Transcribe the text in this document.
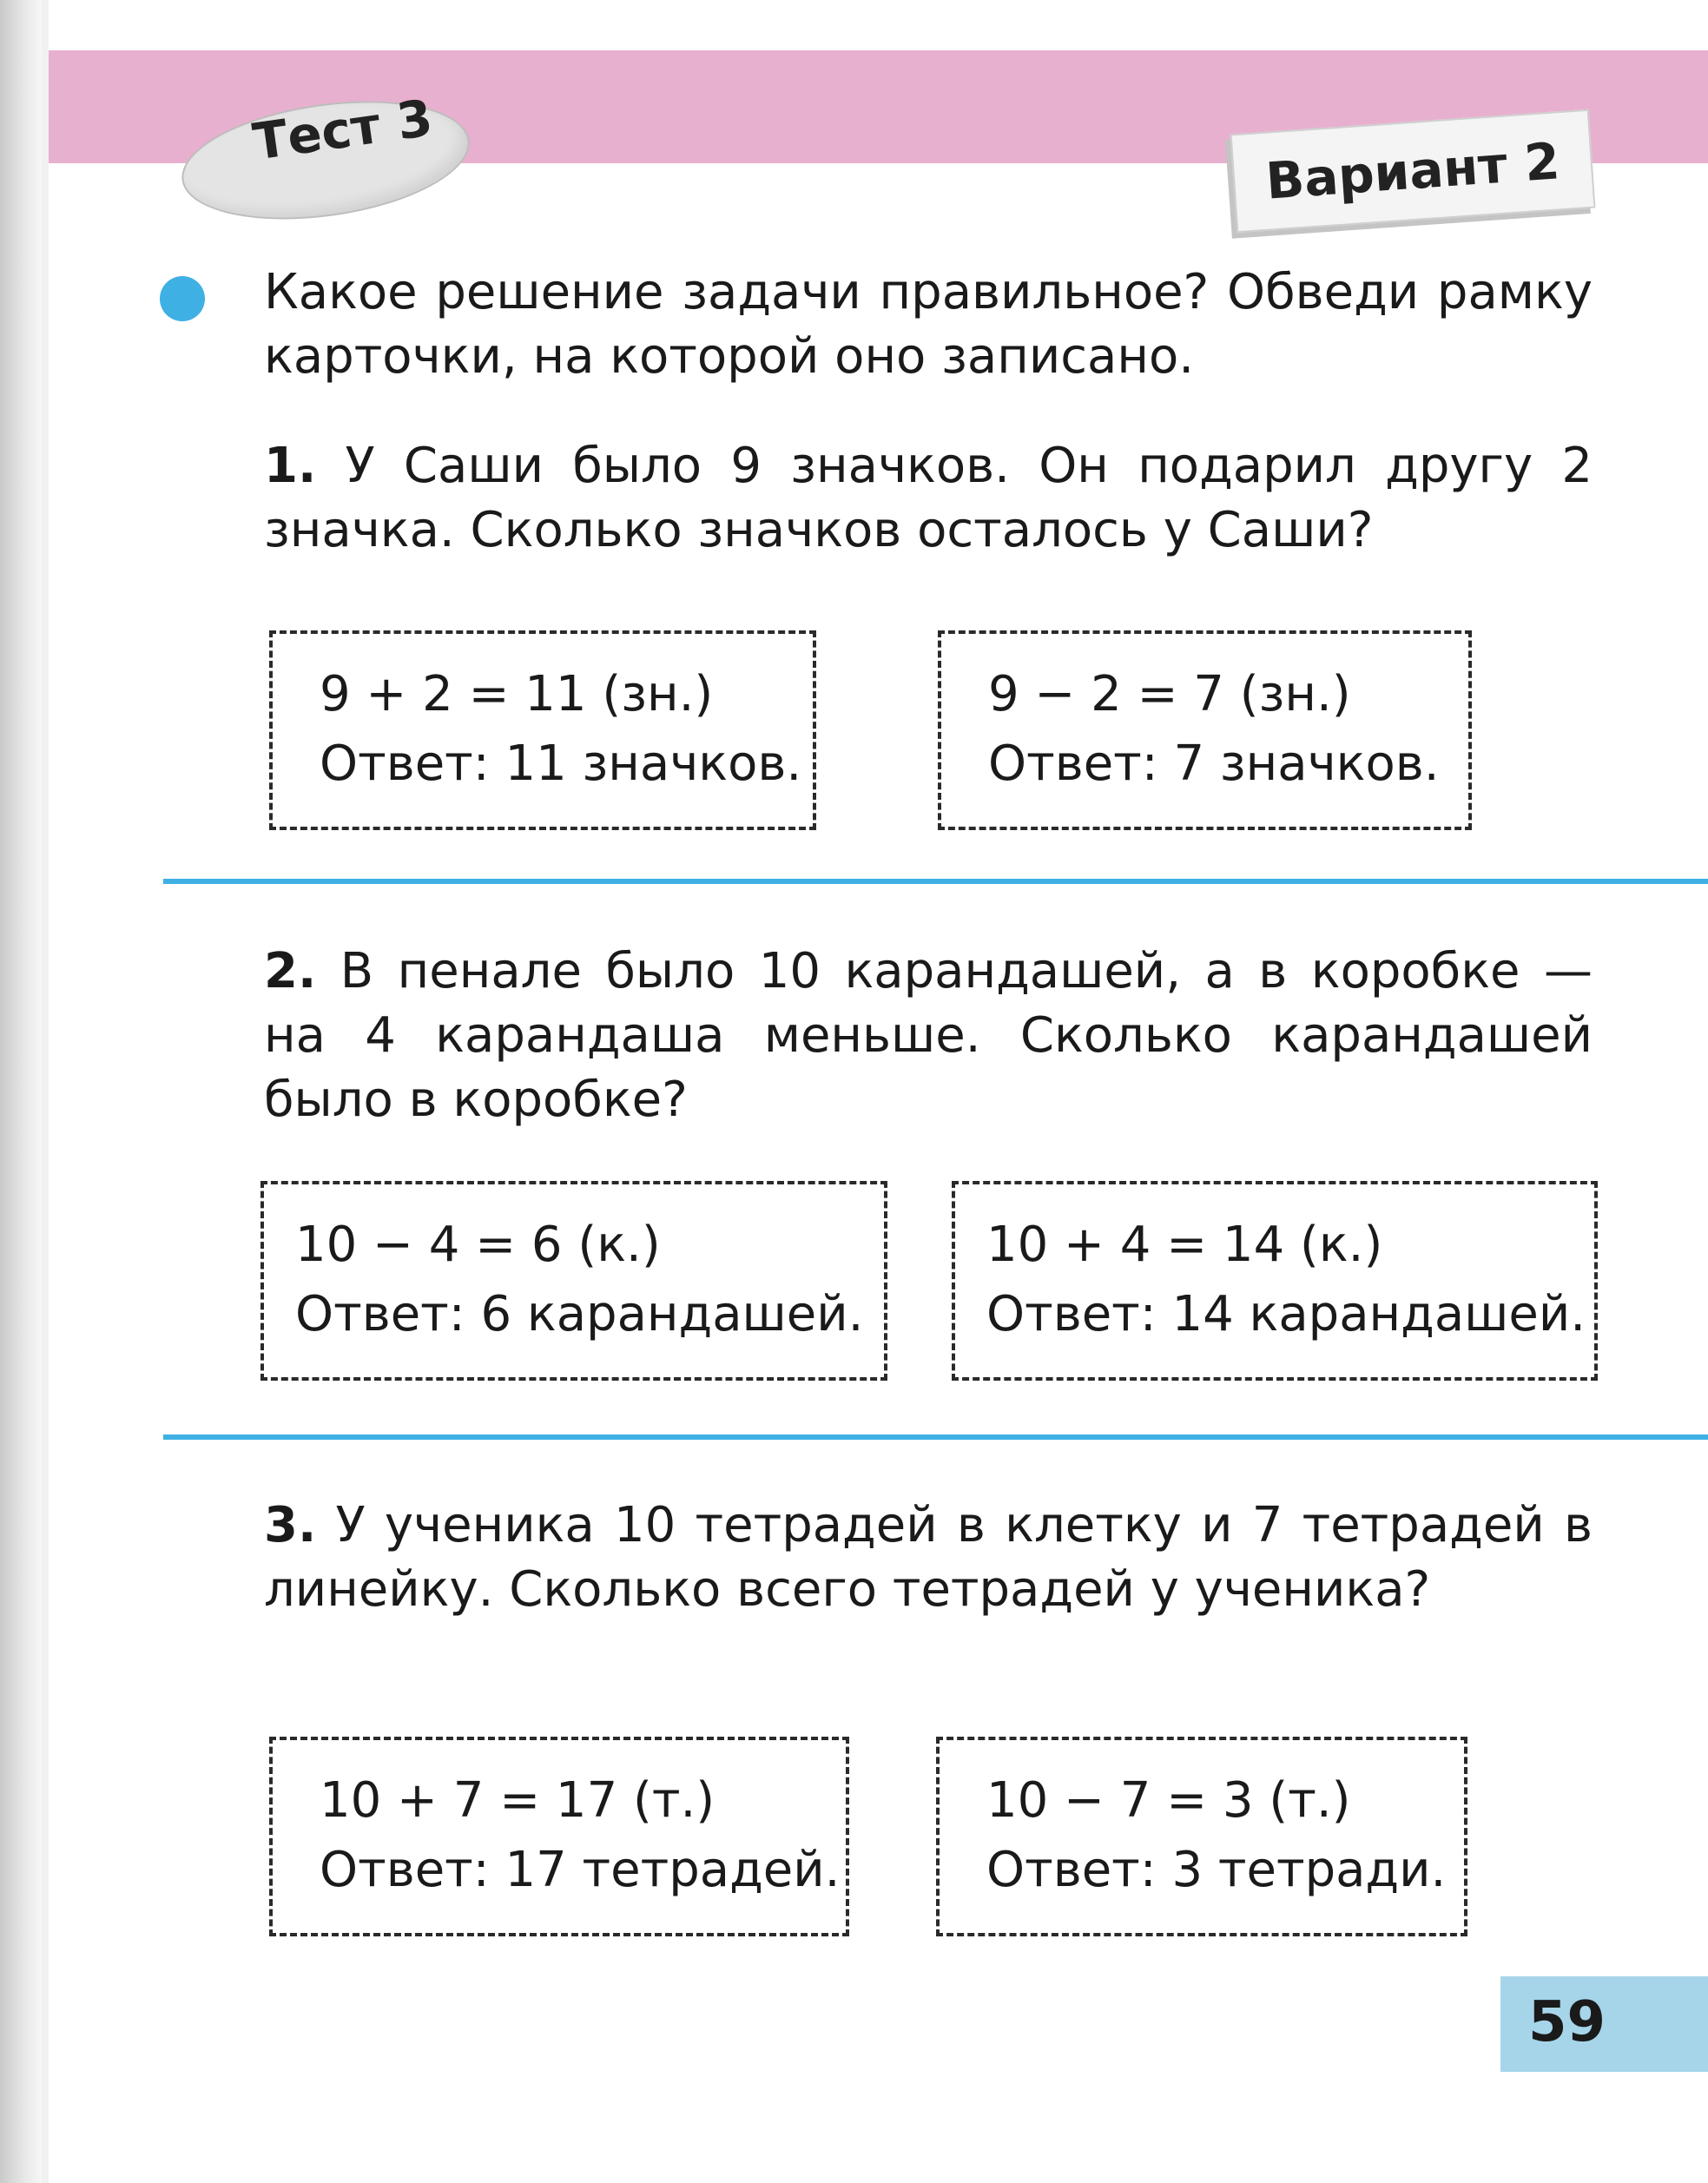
Тест 3	Вариант 2
Какое решение задачи правильное? Обведи рамку карточки, на которой оно записано.
1. У Саши было 9 значков. Он подарил другу 2 значка. Сколько значков осталось у Саши?
9 + 2 = 11 (зн.)
Ответ: 11 значков.
9 − 2 = 7 (зн.)
Ответ: 7 значков.
2. В пенале было 10 карандашей, а в коробке — на 4 карандаша меньше. Сколько карандашей было в коробке?
10 − 4 = 6 (к.)
Ответ: 6 карандашей.
10 + 4 = 14 (к.)
Ответ: 14 карандашей.
3. У ученика 10 тетрадей в клетку и 7 тетрадей в линейку. Сколько всего тетрадей у ученика?
10 + 7 = 17 (т.)
Ответ: 17 тетрадей.
10 − 7 = 3 (т.)
Ответ: 3 тетради.
59
